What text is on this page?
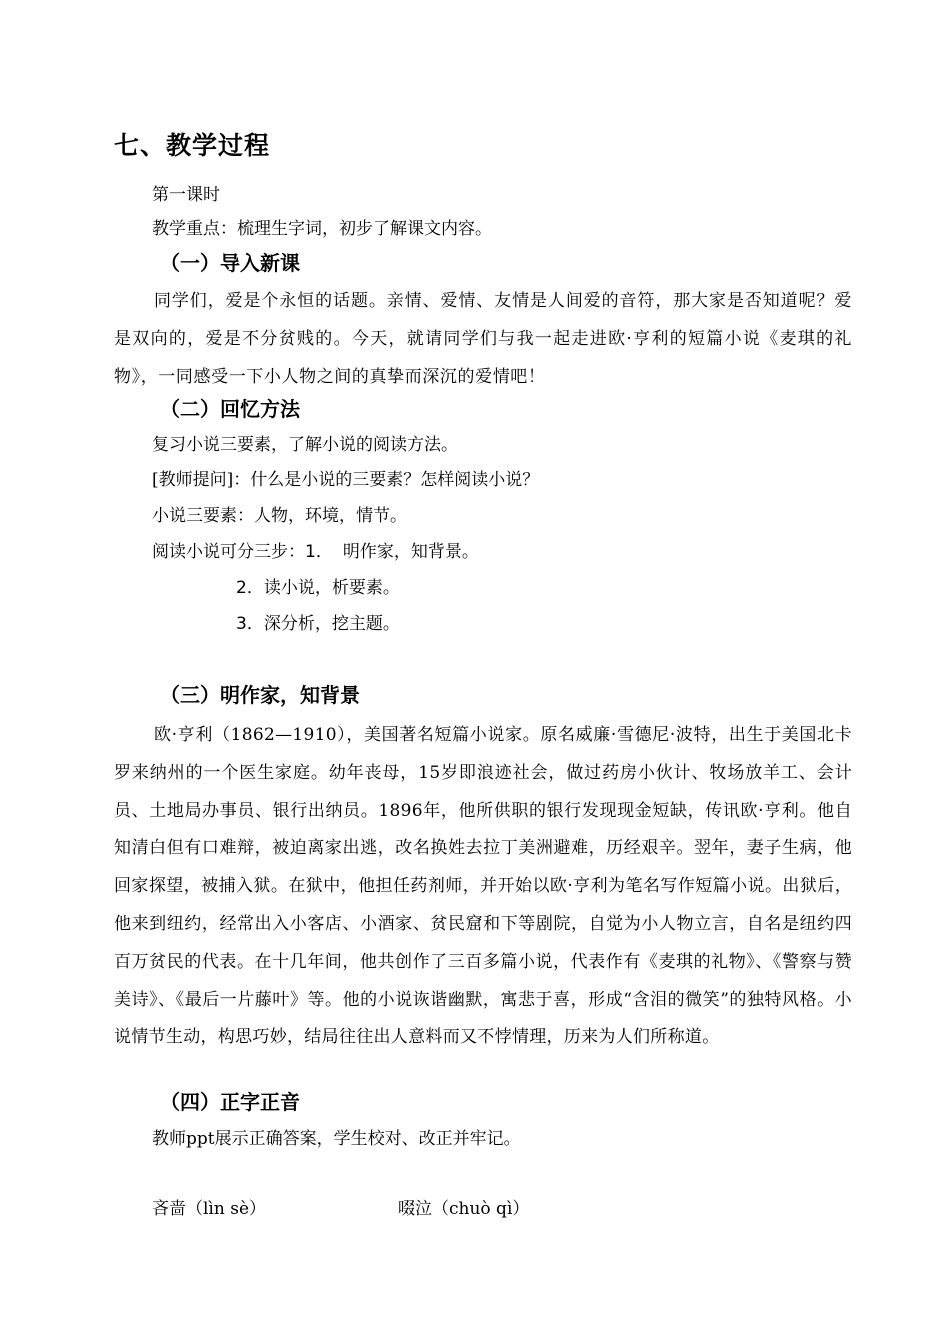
七、教学过程
第一课时
教学重点：梳理生字词，初步了解课文内容。
（一）导入新课

同学们，爱是个永恒的话题。亲情、爱情、友情是人间爱的音符，那大家是否知道呢？爱是双向的，爱是不分贫贱的。今天，就请同学们与我一起走进欧·亨利的短篇小说《麦琪的礼物》，一同感受一下小人物之间的真挚而深沉的爱情吧！

（二）回忆方法
复习小说三要素，了解小说的阅读方法。
[教师提问]：什么是小说的三要素？怎样阅读小说？
小说三要素：人物，环境，情节。
阅读小说可分三步：1． 明作家，知背景。
2．读小说，析要素。
3．深分析，挖主题。
（三）明作家，知背景

欧·亨利（1862—1910），美国著名短篇小说家。原名威廉·雪德尼·波特，出生于美国北卡罗来纳州的一个医生家庭。幼年丧母，15岁即浪迹社会，做过药房小伙计、牧场放羊工、会计员、土地局办事员、银行出纳员。1896年，他所供职的银行发现现金短缺，传讯欧·亨利。他自知清白但有口难辩，被迫离家出逃，改名换姓去拉丁美洲避难，历经艰辛。翌年，妻子生病，他回家探望，被捕入狱。在狱中，他担任药剂师，并开始以欧·亨利为笔名写作短篇小说。出狱后，他来到纽约，经常出入小客店、小酒家、贫民窟和下等剧院，自觉为小人物立言，自名是纽约四百万贫民的代表。在十几年间，他共创作了三百多篇小说，代表作有《麦琪的礼物》、《警察与赞美诗》、《最后一片藤叶》等。他的小说诙谐幽默，寓悲于喜，形成“含泪的微笑”的独特风格。小说情节生动，构思巧妙，结局往往出人意料而又不悖情理，历来为人们所称道。

（四）正字正音
教师ppt展示正确答案，学生校对、改正并牢记。
吝啬（lìn sè）	啜泣（chuò qì）
